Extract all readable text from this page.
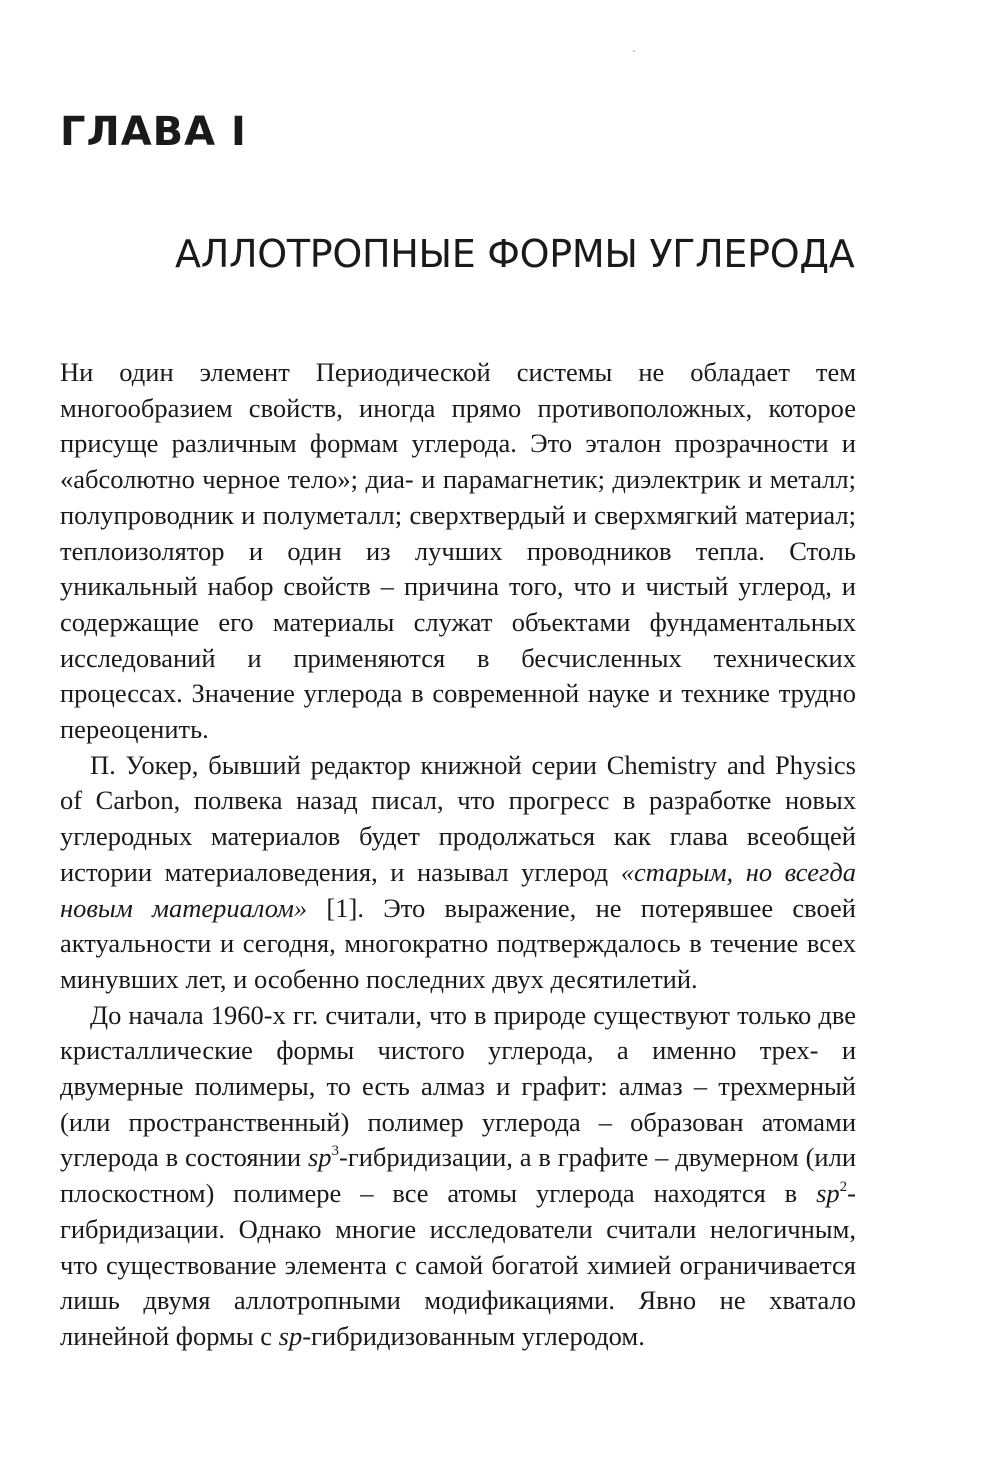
ГЛАВА I
АЛЛОТРОПНЫЕ ФОРМЫ УГЛЕРОДА

Ни один элемент Периодической системы не обладает тем многообразием свойств, иногда прямо противоположных, которое присуще различным формам углерода. Это эталон прозрачности и «абсолютно черное тело»; диа- и парамагнетик; диэлектрик и металл; полупроводник и полуметалл; сверхтвердый и сверхмягкий материал; теплоизолятор и один из лучших проводников тепла. Столь уникальный набор свойств – причина того, что и чистый углерод, и содержащие его материалы служат объектами фундаментальных исследований и применяются в бесчисленных технических процессах. Значение углерода в современной науке и технике трудно переоценить.

П. Уокер, бывший редактор книжной серии Chemistry and Physics of Carbon, полвека назад писал, что прогресс в разработке новых углеродных материалов будет продолжаться как глава всеобщей истории материаловедения, и называл углерод «старым, но всегда новым материалом» [1]. Это выражение, не потерявшее своей актуальности и сегодня, многократно подтверждалось в течение всех минувших лет, и особенно последних двух десятилетий.

До начала 1960-х гг. считали, что в природе существуют только две кристаллические формы чистого углерода, а именно трех- и двумерные полимеры, то есть алмаз и графит: алмаз – трехмерный (или пространственный) полимер углерода – образован атомами углерода в состоянии $sp^3$-гибридизации, а в графите – двумерном (или плоскостном) полимере – все атомы углерода находятся в $sp^2$-гибридизации. Однако многие исследователи считали нелогичным, что существование элемента с самой богатой химией ограничивается лишь двумя аллотропными модификациями. Явно не хватало линейной формы с sp-гибридизованным углеродом.
